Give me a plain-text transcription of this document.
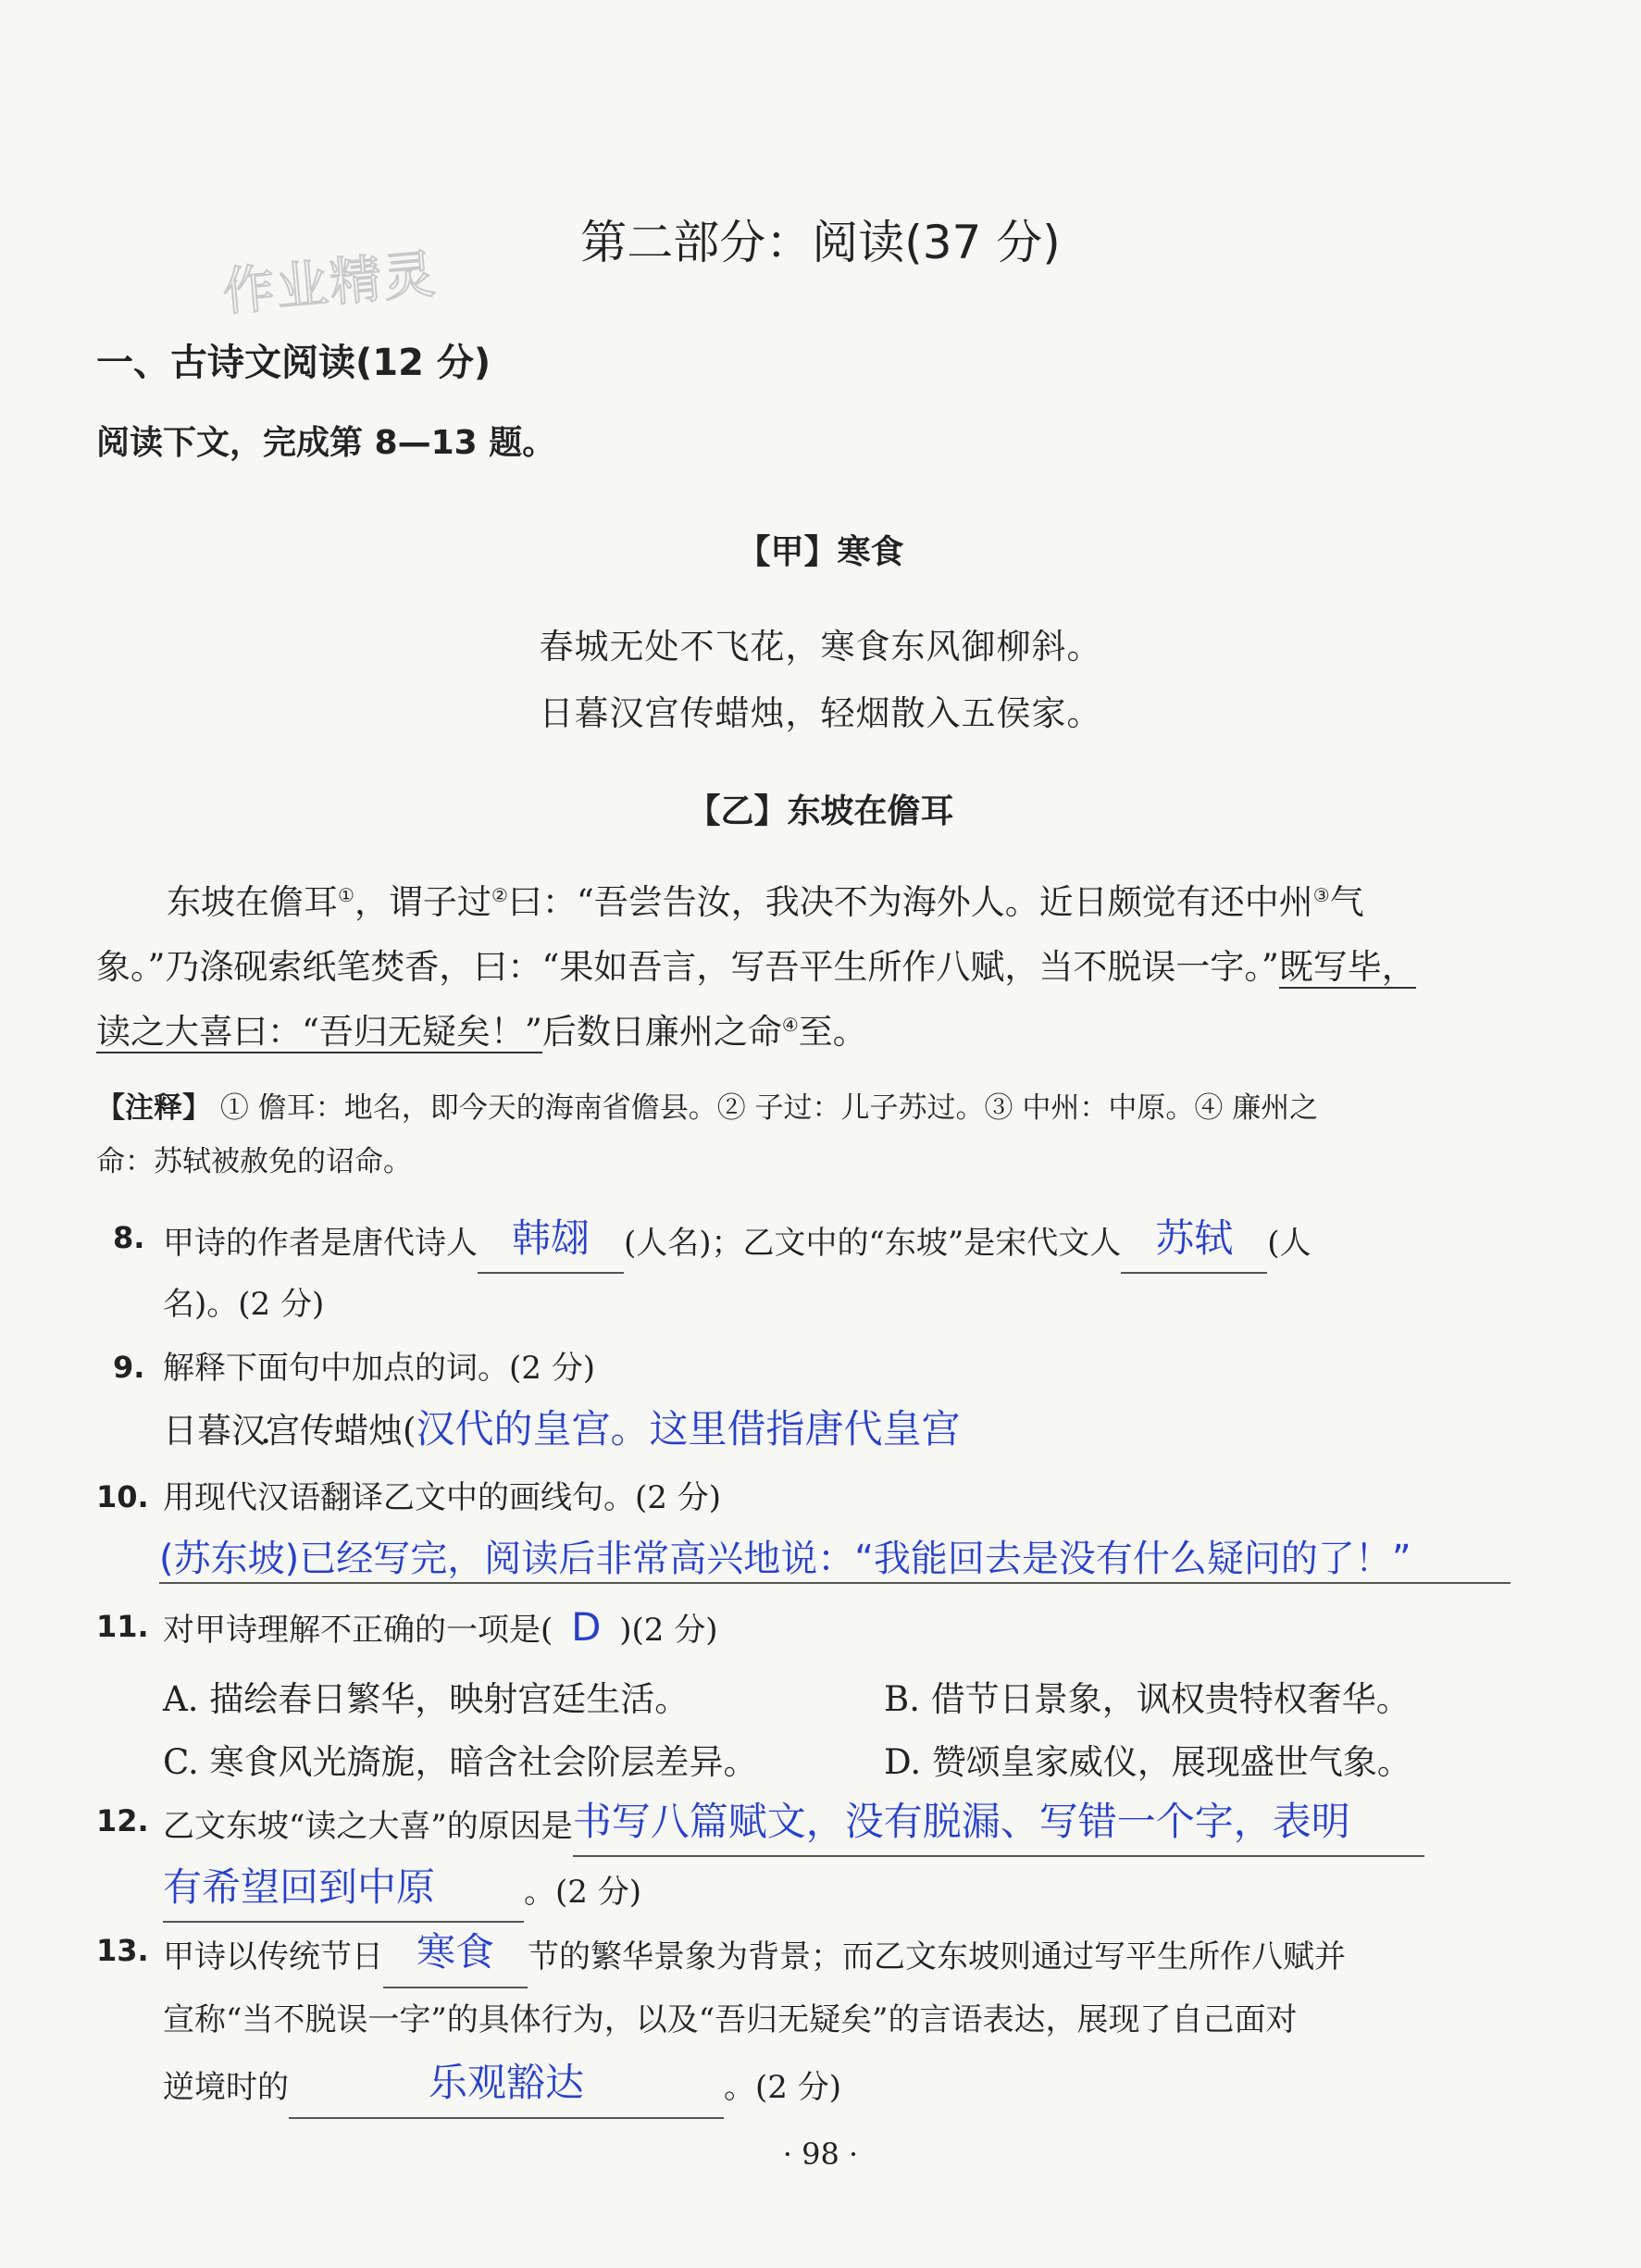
作业精灵
第二部分：阅读(37 分)
一、古诗文阅读(12 分)
阅读下文，完成第 8—13 题。
【甲】寒食
春城无处不飞花，寒食东风御柳斜。
日暮汉宫传蜡烛，轻烟散入五侯家。
【乙】东坡在儋耳
东坡在儋耳①，谓子过②曰：“吾尝告汝，我决不为海外人。近日颇觉有还中州③气
象。”乃涤砚索纸笔焚香，曰：“果如吾言，写吾平生所作八赋，当不脱误一字。”既写毕，
读之大喜曰：“吾归无疑矣！”后数日廉州之命④至。
【注释】 ① 儋耳：地名，即今天的海南省儋县。② 子过：儿子苏过。③ 中州：中原。④ 廉州之
命：苏轼被赦免的诏命。
8. 甲诗的作者是唐代诗人 韩翃 (人名)；乙文中的“东坡”是宋代文人 苏轼 (人
名)。(2 分)
9. 解释下面句中加点的词。(2 分)
日暮汉宫传蜡烛(汉代的皇宫。这里借指唐代皇宫
10. 用现代汉语翻译乙文中的画线句。(2 分)
(苏东坡)已经写完，阅读后非常高兴地说：“我能回去是没有什么疑问的了！”
11. 对甲诗理解不正确的一项是( D )(2 分)
A. 描绘春日繁华，映射宫廷生活。	B. 借节日景象，讽权贵特权奢华。
C. 寒食风光旖旎，暗含社会阶层差异。	D. 赞颂皇家威仪，展现盛世气象。
12. 乙文东坡“读之大喜”的原因是书写八篇赋文，没有脱漏、写错一个字，表明
有希望回到中原	。(2 分)
13. 甲诗以传统节日 寒食 节的繁华景象为背景；而乙文东坡则通过写平生所作八赋并
宣称“当不脱误一字”的具体行为，以及“吾归无疑矣”的言语表达，展现了自己面对
逆境时的	乐观豁达	。(2 分)
· 98 ·
